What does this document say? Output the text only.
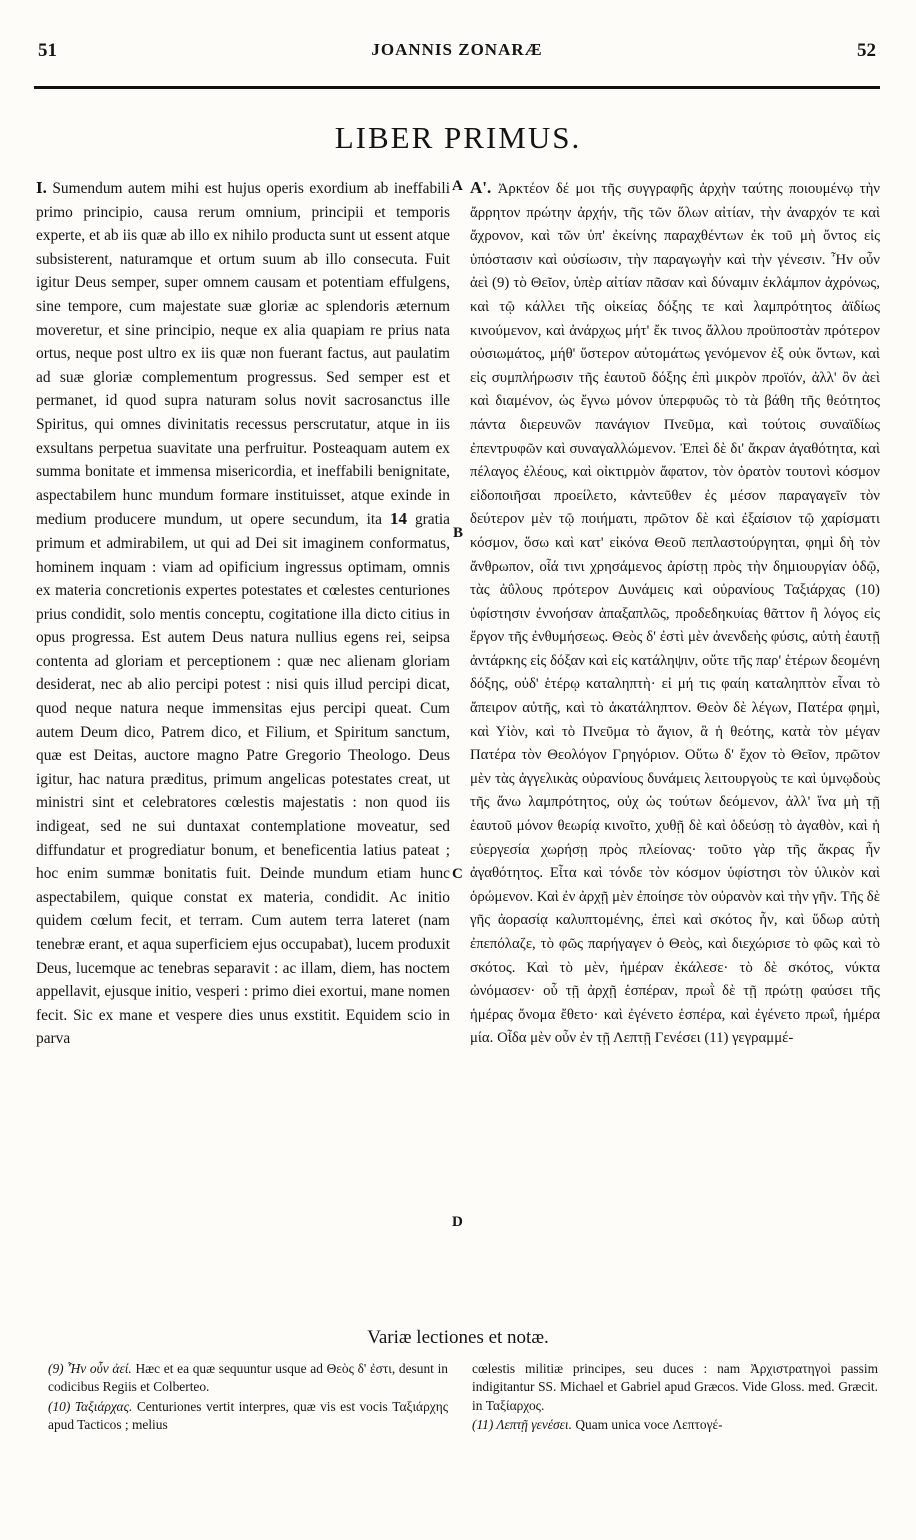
51	JOANNIS ZONARÆ	52
LIBER PRIMUS.

I. Sumendum autem mihi est hujus operis exordium ab ineffabili primo principio, causa rerum omnium, principii et temporis experte, et ab iis quæ ab illo ex nihilo producta sunt ut essent atque subsisterent, naturamque et ortum suum ab illo consecuta. Fuit igitur Deus semper, super omnem causam et potentiam effulgens, sine tempore, cum majestate suæ gloriæ ac splendoris æternum moveretur, et sine principio, neque ex alia quapiam re prius nata ortus, neque post ultro ex iis quæ non fuerant factus, aut paulatim ad suæ gloriæ complementum progressus. Sed semper est et permanet, id quod supra naturam solus novit sacrosanctus ille Spiritus, qui omnes divinitatis recessus perscrutatur, atque in iis exsultans perpetua suavitate una perfruitur. Posteaquam autem ex summa bonitate et immensa misericordia, et ineffabili benignitate, aspectabilem hunc mundum formare instituisset, atque exinde in medium producere mundum, ut opere secundum, ita 14 gratia primum et admirabilem, ut qui ad Dei sit imaginem conformatus, hominem inquam : viam ad opificium ingressus optimam, omnis ex materia concretionis expertes potestates et cœlestes centuriones prius condidit, solo mentis conceptu, cogitatione illa dicto citius in opus progressa. Est autem Deus natura nullius egens rei, seipsa contenta ad gloriam et perceptionem : quæ nec alienam gloriam desiderat, nec ab alio percipi potest : nisi quis illud percipi dicat, quod neque natura neque immensitas ejus percipi queat. Cum autem Deum dico, Patrem dico, et Filium, et Spiritum sanctum, quæ est Deitas, auctore magno Patre Gregorio Theologo. Deus igitur, hac natura præditus, primum angelicas potestates creat, ut ministri sint et celebratores cœlestis majestatis : non quod iis indigeat, sed ne sui duntaxat contemplatione moveatur, sed diffundatur et progrediatur bonum, et beneficentia latius pateat ; hoc enim summæ bonitatis fuit. Deinde mundum etiam hunc aspectabilem, quique constat ex materia, condidit. Ac initio quidem cœlum fecit, et terram. Cum autem terra lateret (nam tenebræ erant, et aqua superficiem ejus occupabat), lucem produxit Deus, lucemque ac tenebras separavit : ac illam, diem, has noctem appellavit, ejusque initio, vesperi : primo diei exortui, mane nomen fecit. Sic ex mane et vespere dies unus exstitit. Equidem scio in parva

A
B
C
D

Α'. Ἀρκτέον δέ μοι τῆς συγγραφῆς ἀρχὴν ταύτης ποιουμένῳ τὴν ἄρρητον πρώτην ἀρχήν, τῆς τῶν ὅλων αἰτίαν, τὴν ἀναρχόν τε καὶ ἄχρονον, καὶ τῶν ὑπ' ἐκείνης παραχθέντων ἐκ τοῦ μὴ ὄντος εἰς ὑπόστασιν καὶ οὐσίωσιν, τὴν παραγωγὴν καὶ τὴν γένεσιν. Ἦν οὖν ἀεὶ (9) τὸ Θεῖον, ὑπὲρ αἰτίαν πᾶσαν καὶ δύναμιν ἐκλάμπον ἀχρόνως, καὶ τῷ κάλλει τῆς οἰκείας δόξης τε καὶ λαμπρότητος ἀϊδίως κινούμενον, καὶ ἀνάρχως μήτ' ἔκ τινος ἄλλου προϋποστὰν πρότερον οὐσιωμάτος, μήθ' ὕστερον αὐτομάτως γενόμενον ἐξ οὐκ ὄντων, καὶ εἰς συμπλήρωσιν τῆς ἑαυτοῦ δόξης ἐπὶ μικρὸν προϊόν, ἀλλ' ὂν ἀεὶ καὶ διαμένον, ὡς ἔγνω μόνον ὑπερφυῶς τὸ τὰ βάθη τῆς θεότητος πάντα διερευνῶν πανάγιον Πνεῦμα, καὶ τούτοις συναϊδίως ἐπεντρυφῶν καὶ συναγαλλώμενον. Ἐπεὶ δὲ δι' ἄκραν ἀγαθότητα, καὶ πέλαγος ἐλέους, καὶ οἰκτιρμὸν ἄφατον, τὸν ὁρατὸν τουτονὶ κόσμον εἰδοποιῆσαι προείλετο, κἀντεῦθεν ἐς μέσον παραγαγεῖν τὸν δεύτερον μὲν τῷ ποιήματι, πρῶτον δὲ καὶ ἐξαίσιον τῷ χαρίσματι κόσμον, ὅσω καὶ κατ' εἰκόνα Θεοῦ πεπλαστούργηται, φημὶ δὴ τὸν ἄνθρωπον, οἷά τινι χρησάμενος ἀρίστῃ πρὸς τὴν δημιουργίαν ὁδῷ, τὰς ἀΰλους πρότερον Δυνάμεις καὶ οὐρανίους Ταξιάρχας (10) ὑφίστησιν ἐννοήσαν ἁπαξαπλῶς, προδεδηκυίας θᾶττον ἢ λόγος εἰς ἔργον τῆς ἐνθυμήσεως. Θεὸς δ' ἐστὶ μὲν ἀνενδεὴς φύσις, αὐτὴ ἑαυτῇ ἀντάρκης εἰς δόξαν καὶ εἰς κατάληψιν, οὔτε τῆς παρ' ἑτέρων δεομένη δόξης, οὐδ' ἑτέρῳ καταληπτὴ· εἰ μή τις φαίη καταληπτὸν εἶναι τὸ ἄπειρον αὐτῆς, καὶ τὸ ἀκατάληπτον. Θεὸν δὲ λέγων, Πατέρα φημὶ, καὶ Υἱὸν, καὶ τὸ Πνεῦμα τὸ ἅγιον, ἃ ἡ θεότης, κατὰ τὸν μέγαν Πατέρα τὸν Θεολόγον Γρηγόριον. Οὕτω δ' ἔχον τὸ Θεῖον, πρῶτον μὲν τὰς ἀγγελικὰς οὐρανίους δυνάμεις λειτουργοὺς τε καὶ ὑμνῳδοὺς τῆς ἄνω λαμπρότητος, οὐχ ὡς τούτων δεόμενον, ἀλλ' ἵνα μὴ τῇ ἑαυτοῦ μόνον θεωρίᾳ κινοῖτο, χυθῇ δὲ καὶ ὁδεύσῃ τὸ ἀγαθὸν, καὶ ἡ εὐεργεσία χωρήσῃ πρὸς πλείονας· τοῦτο γὰρ τῆς ἄκρας ἦν ἀγαθότητος. Εἶτα καὶ τόνδε τὸν κόσμον ὑφίστησι τὸν ὑλικὸν καὶ ὁρώμενον. Καὶ ἐν ἀρχῇ μὲν ἐποίησε τὸν οὐρανὸν καὶ τὴν γῆν. Τῆς δὲ γῆς ἀορασίᾳ καλυπτομένης, ἐπεὶ καὶ σκότος ἦν, καὶ ὕδωρ αὐτὴ ἐπεπόλαζε, τὸ φῶς παρήγαγεν ὁ Θεὸς, καὶ διεχώρισε τὸ φῶς καὶ τὸ σκότος. Καὶ τὸ μὲν, ἡμέραν ἐκάλεσε· τὸ δὲ σκότος, νύκτα ὠνόμασεν· οὗ τῇ ἀρχῇ ἑσπέραν, πρωῒ δὲ τῇ πρώτῃ φαύσει τῆς ἡμέρας ὄνομα ἔθετο· καὶ ἐγένετο ἑσπέρα, καὶ ἐγένετο πρωΐ, ἡμέρα μία. Οἶδα μὲν οὖν ἐν τῇ Λεπτῇ Γενέσει (11) γεγραμμέ-

Variæ lectiones et notæ.

(9) Ἦν οὖν ἀεί. Hæc et ea quæ sequuntur usque ad Θεὸς δ' ἐστι, desunt in codicibus Regiis et Colberteo.

(10) Ταξιάρχας. Centuriones vertit interpres, quæ vis est vocis Ταξιάρχης apud Tacticos ; melius

cœlestis militiæ principes, seu duces : nam Ἀρχιστρατηγοὶ passim indigitantur SS. Michael et Gabriel apud Græcos. Vide Gloss. med. Græcit. in Ταξίαρχος.

(11) Λεπτῇ γενέσει. Quam unica voce Λεπτογέ-
